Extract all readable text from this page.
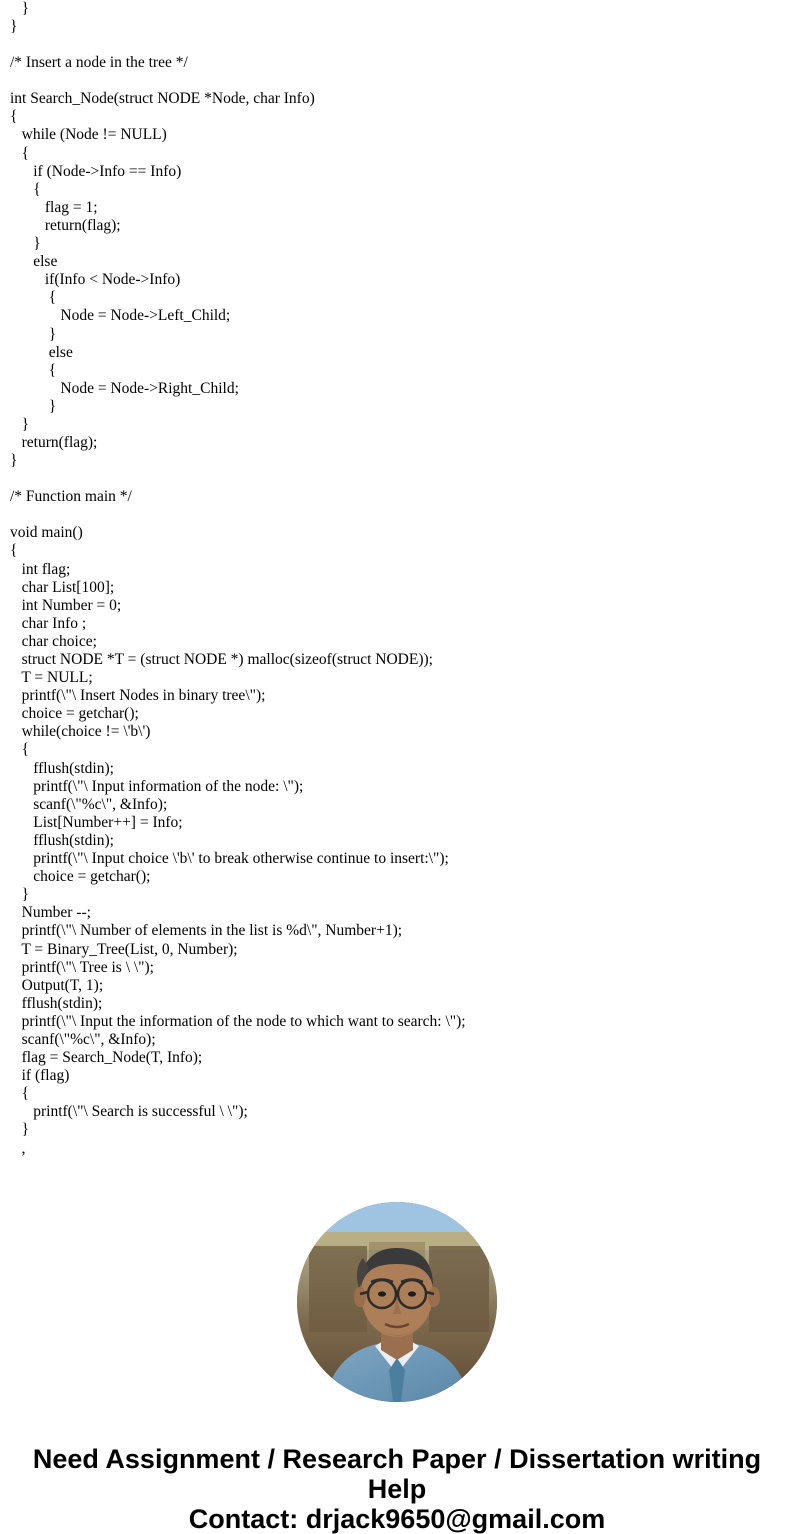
}
}
/* Insert a node in the tree */
int Search_Node(struct NODE *Node, char Info)
{
while (Node != NULL)
{
if (Node->Info == Info)
{
flag = 1;
return(flag);
}
else
if(Info < Node->Info)
{
Node = Node->Left_Child;
}
else
{
Node = Node->Right_Child;
}
}
return(flag);
}
/* Function main */
void main()
{
int flag;
char List[100];
int Number = 0;
char Info ;
char choice;
struct NODE *T = (struct NODE *) malloc(sizeof(struct NODE));
T = NULL;
printf(\"\ Insert Nodes in binary tree\");
choice = getchar();
while(choice != \'b\')
{
fflush(stdin);
printf(\"\ Input information of the node: \");
scanf(\"%c\", &Info);
List[Number++] = Info;
fflush(stdin);
printf(\"\ Input choice \'b\' to break otherwise continue to insert:\");
choice = getchar();
}
Number --;
printf(\"\ Number of elements in the list is %d\", Number+1);
T = Binary_Tree(List, 0, Number);
printf(\"\ Tree is \ \");
Output(T, 1);
fflush(stdin);
printf(\"\ Input the information of the node to which want to search: \");
scanf(\"%c\", &Info);
flag = Search_Node(T, Info);
if (flag)
{
printf(\"\ Search is successful \ \");
}
,
Need Assignment / Research Paper / Dissertation writing Help
Contact: drjack9650@gmail.com
